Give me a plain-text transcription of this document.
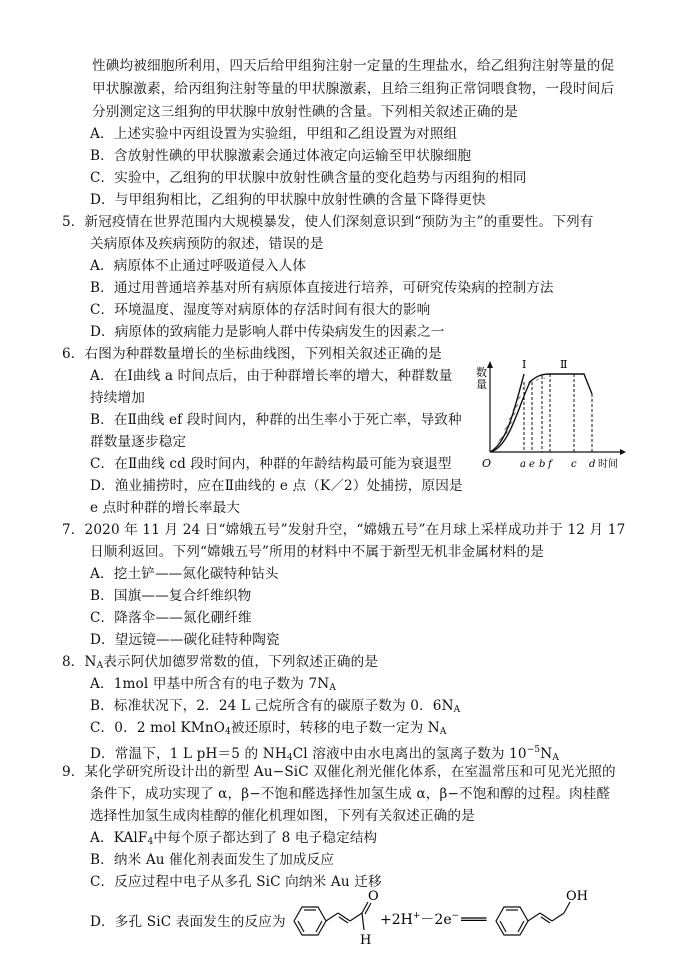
性碘均被细胞所利用，四天后给甲组狗注射一定量的生理盐水，给乙组狗注射等量的促
甲状腺激素，给丙组狗注射等量的甲状腺激素，且给三组狗正常饲喂食物，一段时间后
分别测定这三组狗的甲状腺中放射性碘的含量。下列相关叙述正确的是
A．上述实验中丙组设置为实验组，甲组和乙组设置为对照组
B．含放射性碘的甲状腺激素会通过体液定向运输至甲状腺细胞
C．实验中，乙组狗的甲状腺中放射性碘含量的变化趋势与丙组狗的相同
D．与甲组狗相比，乙组狗的甲状腺中放射性碘的含量下降得更快
5．新冠疫情在世界范围内大规模暴发，使人们深刻意识到“预防为主”的重要性。下列有
关病原体及疾病预防的叙述，错误的是
A．病原体不止通过呼吸道侵入人体
B．通过用普通培养基对所有病原体直接进行培养，可研究传染病的控制方法
C．环境温度、湿度等对病原体的存活时间有很大的影响
D．病原体的致病能力是影响人群中传染病发生的因素之一
6．右图为种群数量增长的坐标曲线图，下列相关叙述正确的是
A．在Ⅰ曲线 a 时间点后，由于种群增长率的增大，种群数量
持续增加
B．在Ⅱ曲线 ef 段时间内，种群的出生率小于死亡率，导致种
群数量逐步稳定
C．在Ⅱ曲线 cd 段时间内，种群的年龄结构最可能为衰退型
D．渔业捕捞时，应在Ⅱ曲线的 e 点（K／2）处捕捞，原因是
e 点时种群的增长率最大
数
量
Ⅰ	Ⅱ
O	a e b f c d 时间
7．2020 年 11 月 24 日“嫦娥五号”发射升空，“嫦娥五号”在月球上采样成功并于 12 月 17
日顺利返回。下列“嫦娥五号”所用的材料中不属于新型无机非金属材料的是
A．挖土铲——氮化碳特种钻头
B．国旗——复合纤维织物
C．降落伞——氮化硼纤维
D．望远镜——碳化硅特种陶瓷
8．$N_A$表示阿伏加德罗常数的值，下列叙述正确的是
A．1mol 甲基中所含有的电子数为 $7N_A$
B．标准状况下，2．24 L 己烷所含有的碳原子数为 0．$6N_A$
C．0．2 mol KMnO$_4$被还原时，转移的电子数一定为 $N_A$
D．常温下，1 L pH＝5 的 $NH_4Cl$ 溶液中由水电离出的氢离子数为 $10^{-5}N_A$
9．某化学研究所设计出的新型 Au−SiC 双催化剂光催化体系，在室温常压和可见光光照的
条件下，成功实现了 α，β−不饱和醛选择性加氢生成 α，β−不饱和醇的过程。肉桂醛
选择性加氢生成肉桂醇的催化机理如图，下列有关叙述正确的是
A．KAlF$_4$中每个原子都达到了 8 电子稳定结构
B．纳米 Au 催化剂表面发生了加成反应
C．反应过程中电子从多孔 SiC 向纳米 Au 迁移
D．多孔 SiC 表面发生的反应为
O
H
+2H+－2e− ═══
OH
